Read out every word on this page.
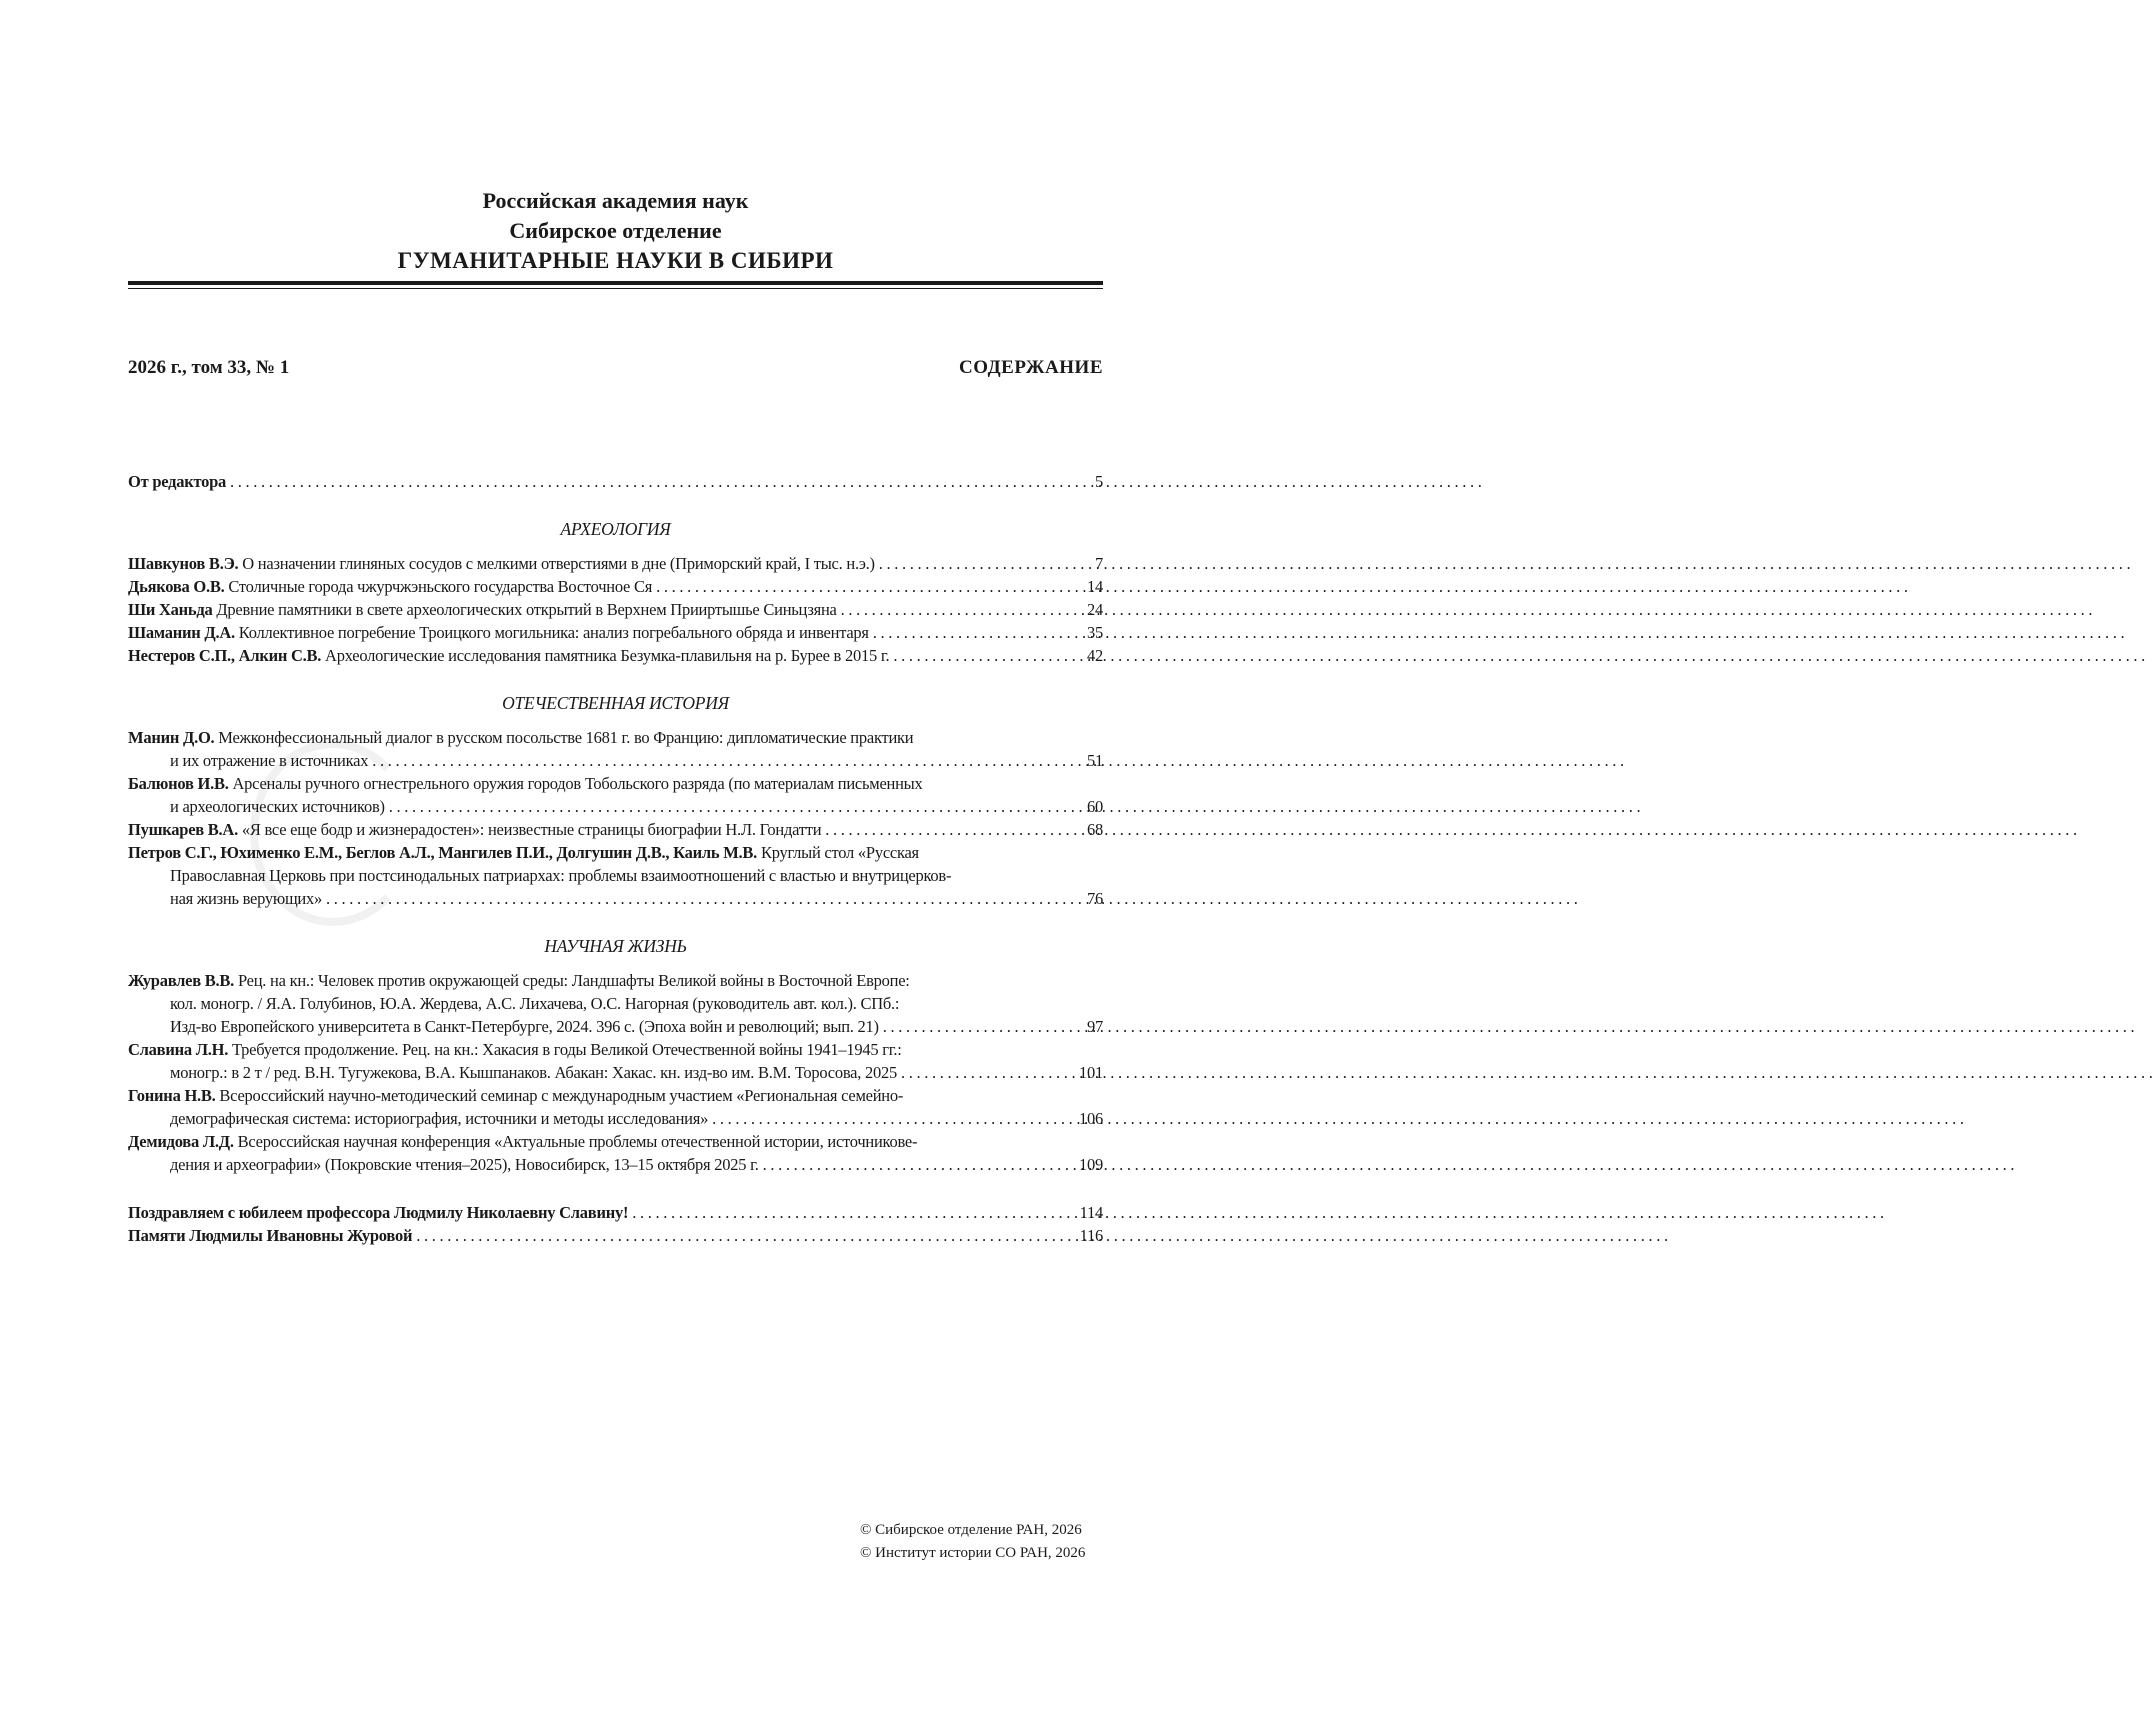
Российская академия наук
Сибирское отделение
ГУМАНИТАРНЫЕ НАУКИ В СИБИРИ
2026 г., том 33, № 1	СОДЕРЖАНИЕ
От редактора . . .	5
АРХЕОЛОГИЯ
Шавкунов В.Э. О назначении глиняных сосудов с мелкими отверстиями в дне (Приморский край, I тыс. н.э.) . . .	7
Дьякова О.В. Столичные города чжурчжэньского государства Восточное Ся . . .	14
Ши Ханьда Древние памятники в свете археологических открытий в Верхнем Прииртышье Синьцзяна . . .	24
Шаманин Д.А. Коллективное погребение Троицкого могильника: анализ погребального обряда и инвентаря . . .	35
Нестеров С.П., Алкин С.В. Археологические исследования памятника Безумка-плавильня на р. Бурее в 2015 г. . . .	42
ОТЕЧЕСТВЕННАЯ ИСТОРИЯ
Манин Д.О. Межконфессиональный диалог в русском посольстве 1681 г. во Францию: дипломатические практики
и их отражение в источниках . . .	51
Балюнов И.В. Арсеналы ручного огнестрельного оружия городов Тобольского разряда (по материалам письменных
и археологических источников) . . .	60
Пушкарев В.А. «Я все еще бодр и жизнерадостен»: неизвестные страницы биографии Н.Л. Гондатти . . .	68
Петров С.Г., Юхименко Е.М., Беглов А.Л., Мангилев П.И., Долгушин Д.В., Каиль М.В. Круглый стол «Русская
Православная Церковь при постсинодальных патриархах: проблемы взаимоотношений с властью и внутрицерков-
ная жизнь верующих» . . .	76
НАУЧНАЯ ЖИЗНЬ
Журавлев В.В. Рец. на кн.: Человек против окружающей среды: Ландшафты Великой войны в Восточной Европе:
кол. моногр. / Я.А. Голубинов, Ю.А. Жердева, А.С. Лихачева, О.С. Нагорная (руководитель авт. кол.). СПб.:
Изд-во Европейского университета в Санкт-Петербурге, 2024. 396 с. (Эпоха войн и революций; вып. 21) . . .	97
Славина Л.Н. Требуется продолжение. Рец. на кн.: Хакасия в годы Великой Отечественной войны 1941–1945 гг.:
моногр.: в 2 т / ред. В.Н. Тугужекова, В.А. Кышпанаков. Абакан: Хакас. кн. изд-во им. В.М. Торосова, 2025 . . .	101
Гонина Н.В. Всероссийский научно-методический семинар с международным участием «Региональная семейно-
демографическая система: историография, источники и методы исследования» . . .	106
Демидова Л.Д. Всероссийская научная конференция «Актуальные проблемы отечественной истории, источникове-
дения и археографии» (Покровские чтения–2025), Новосибирск, 13–15 октября 2025 г. . . .	109
Поздравляем с юбилеем профессора Людмилу Николаевну Славину! . . .	114
Памяти Людмилы Ивановны Журовой . . .	116
© Сибирское отделение РАН, 2026
© Институт истории СО РАН, 2026
